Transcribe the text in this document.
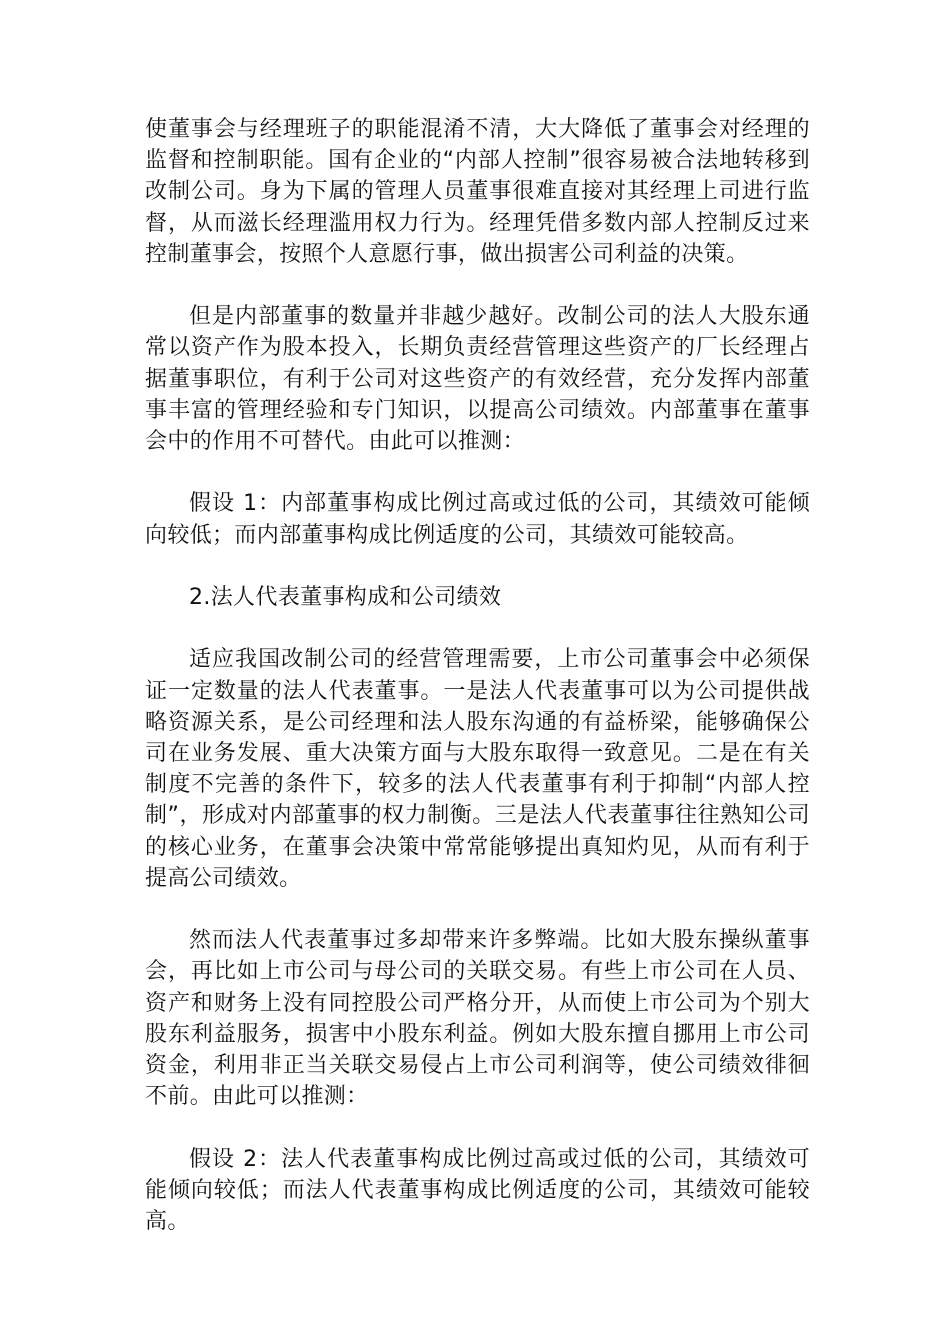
使董事会与经理班子的职能混淆不清，大大降低了董事会对经理的监督和控制职能。国有企业的“内部人控制”很容易被合法地转移到改制公司。身为下属的管理人员董事很难直接对其经理上司进行监督，从而滋长经理滥用权力行为。经理凭借多数内部人控制反过来控制董事会，按照个人意愿行事，做出损害公司利益的决策。

但是内部董事的数量并非越少越好。改制公司的法人大股东通常以资产作为股本投入，长期负责经营管理这些资产的厂长经理占据董事职位，有利于公司对这些资产的有效经营，充分发挥内部董事丰富的管理经验和专门知识，以提高公司绩效。内部董事在董事会中的作用不可替代。由此可以推测：

假设 1：内部董事构成比例过高或过低的公司，其绩效可能倾向较低；而内部董事构成比例适度的公司，其绩效可能较高。

2.法人代表董事构成和公司绩效

适应我国改制公司的经营管理需要，上市公司董事会中必须保证一定数量的法人代表董事。一是法人代表董事可以为公司提供战略资源关系，是公司经理和法人股东沟通的有益桥梁，能够确保公司在业务发展、重大决策方面与大股东取得一致意见。二是在有关制度不完善的条件下，较多的法人代表董事有利于抑制“内部人控制”，形成对内部董事的权力制衡。三是法人代表董事往往熟知公司的核心业务，在董事会决策中常常能够提出真知灼见，从而有利于提高公司绩效。

然而法人代表董事过多却带来许多弊端。比如大股东操纵董事会，再比如上市公司与母公司的关联交易。有些上市公司在人员、资产和财务上没有同控股公司严格分开，从而使上市公司为个别大股东利益服务，损害中小股东利益。例如大股东擅自挪用上市公司资金，利用非正当关联交易侵占上市公司利润等，使公司绩效徘徊不前。由此可以推测：

假设 2：法人代表董事构成比例过高或过低的公司，其绩效可能倾向较低；而法人代表董事构成比例适度的公司，其绩效可能较高。
